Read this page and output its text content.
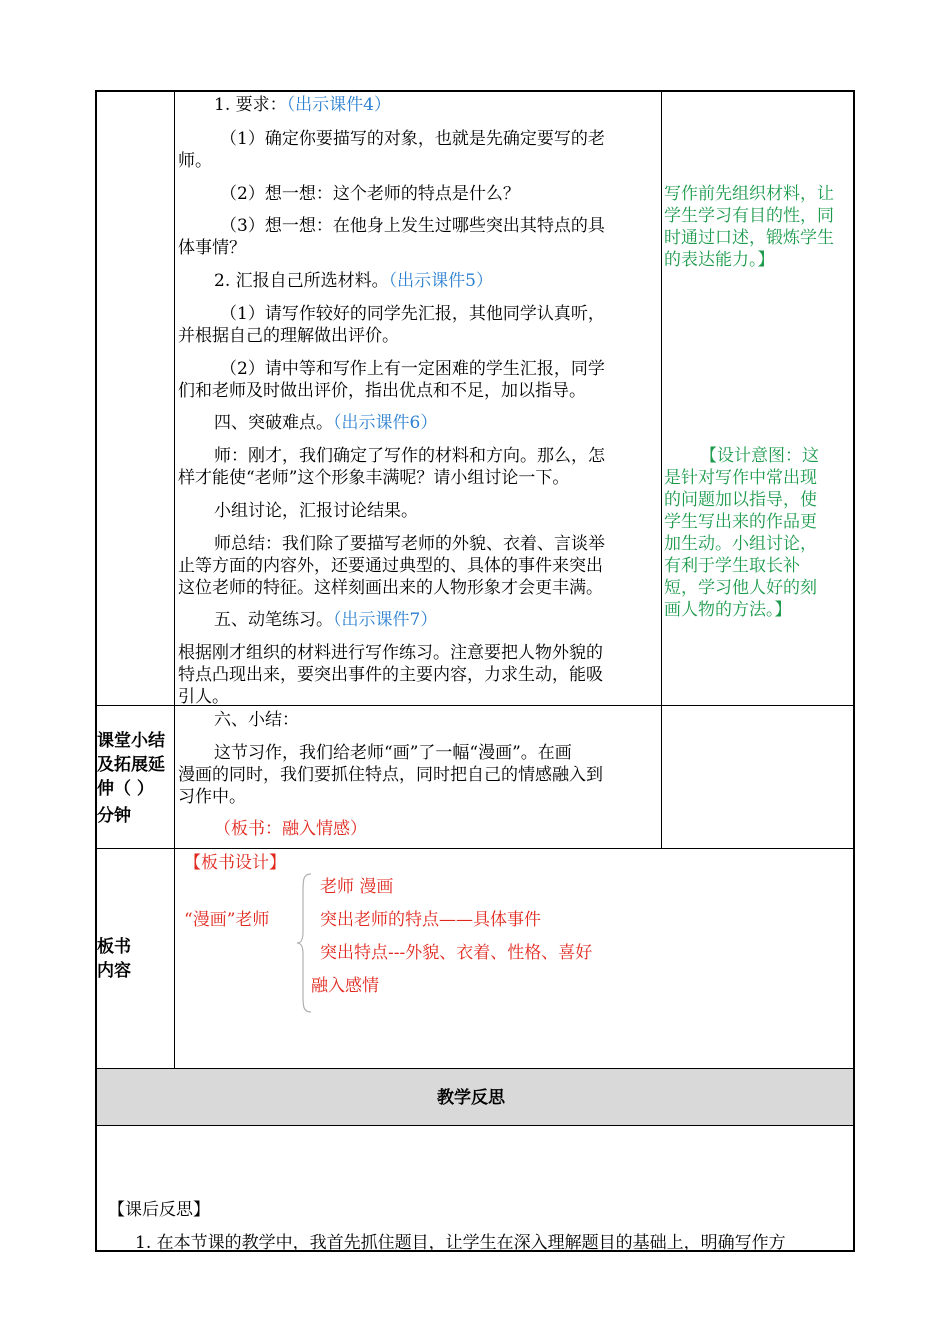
1. 要求：（出示课件4）
（1）确定你要描写的对象，也就是先确定要写的老
师。
（2）想一想：这个老师的特点是什么？
（3）想一想：在他身上发生过哪些突出其特点的具
体事情？
2. 汇报自己所选材料。（出示课件5）
（1）请写作较好的同学先汇报，其他同学认真听，
并根据自己的理解做出评价。
（2）请中等和写作上有一定困难的学生汇报，同学
们和老师及时做出评价，指出优点和不足，加以指导。
四、突破难点。（出示课件6）
师：刚才，我们确定了写作的材料和方向。那么，怎
样才能使“老师”这个形象丰满呢？请小组讨论一下。
小组讨论，汇报讨论结果。
师总结：我们除了要描写老师的外貌、衣着、言谈举
止等方面的内容外，还要通过典型的、具体的事件来突出
这位老师的特征。这样刻画出来的人物形象才会更丰满。
五、动笔练习。（出示课件7）
根据刚才组织的材料进行写作练习。注意要把人物外貌的
特点凸现出来，要突出事件的主要内容，力求生动，能吸
引人。
写作前先组织材料，让
学生学习有目的性，同
时通过口述，锻炼学生
的表达能力。】
【设计意图：这
是针对写作中常出现
的问题加以指导，使
学生写出来的作品更
加生动。小组讨论，
有利于学生取长补
短，学习他人好的刻
画人物的方法。】
课堂小结
及拓展延
伸（ ）
分钟
六、小结：
这节习作，我们给老师“画”了一幅“漫画”。在画
漫画的同时，我们要抓住特点，同时把自己的情感融入到
习作中。
（板书：融入情感）
板书
内容
【板书设计】
“漫画”老师
老师 漫画
突出老师的特点——具体事件
突出特点---外貌、衣着、性格、喜好
融入感情
教学反思
【课后反思】
1. 在本节课的教学中，我首先抓住题目，让学生在深入理解题目的基础上，明确写作方
